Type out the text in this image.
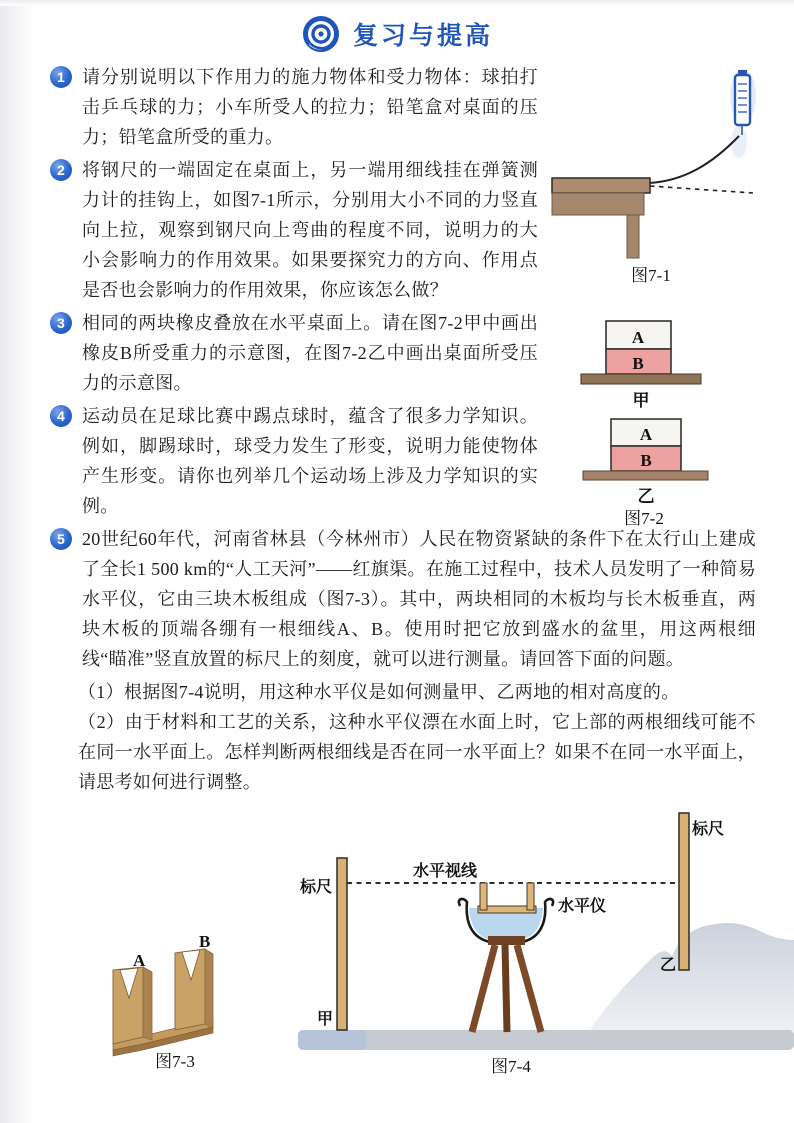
复习与提高
图7-1

A
B
甲
A
B
乙
图7-2
1 请分别说明以下作用力的施力物体和受力物体：球拍打击乒乓球的力；小车所受人的拉力；铅笔盒对桌面的压力；铅笔盒所受的重力。
2 将钢尺的一端固定在桌面上，另一端用细线挂在弹簧测力计的挂钩上，如图7-1所示，分别用大小不同的力竖直向上拉，观察到钢尺向上弯曲的程度不同，说明力的大小会影响力的作用效果。如果要探究力的方向、作用点是否也会影响力的作用效果，你应该怎么做？
3 相同的两块橡皮叠放在水平桌面上。请在图7-2甲中画出橡皮B所受重力的示意图，在图7-2乙中画出桌面所受压力的示意图。
4 运动员在足球比赛中踢点球时，蕴含了很多力学知识。例如，脚踢球时，球受力发生了形变，说明力能使物体产生形变。请你也列举几个运动场上涉及力学知识的实例。
5 20世纪60年代，河南省林县（今林州市）人民在物资紧缺的条件下在太行山上建成了全长1 500 km的“人工天河”——红旗渠。在施工过程中，技术人员发明了一种简易水平仪，它由三块木板组成（图7-3）。其中，两块相同的木板均与长木板垂直，两块木板的顶端各绷有一根细线A、B。使用时把它放到盛水的盆里，用这两根细线“瞄准”竖直放置的标尺上的刻度，就可以进行测量。请回答下面的问题。

（1）根据图7-4说明，用这种水平仪是如何测量甲、乙两地的相对高度的。

（2）由于材料和工艺的关系，这种水平仪漂在水面上时，它上部的两根细线可能不在同一水平面上。怎样判断两根细线是否在同一水平面上？如果不在同一水平面上，请思考如何进行调整。

A
B
图7-3
标尺
水平视线
水平仪
标尺
乙
甲
图7-4
